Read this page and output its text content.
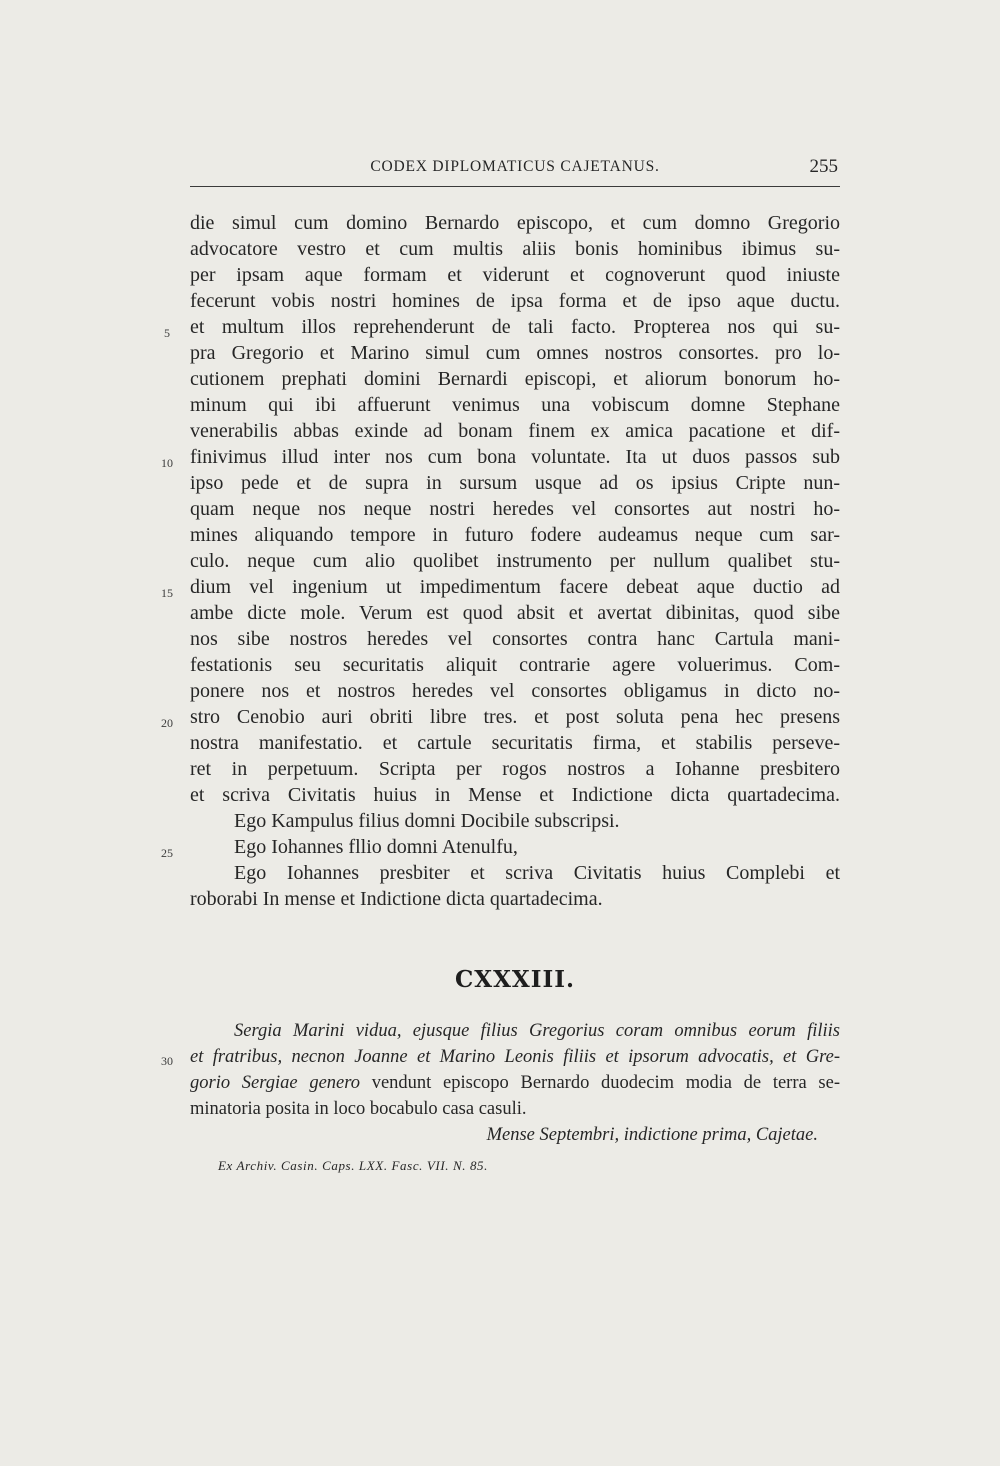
CODEX DIPLOMATICUS CAJETANUS.	255
die simul cum domino Bernardo episcopo, et cum domno Gregorio
advocatore vestro et cum multis aliis bonis hominibus ibimus su-
per ipsam aque formam et viderunt et cognoverunt quod iniuste
fecerunt vobis nostri homines de ipsa forma et de ipso aque ductu.
et multum illos reprehenderunt de tali facto. Propterea nos qui su-
pra Gregorio et Marino simul cum omnes nostros consortes. pro lo-
cutionem prephati domini Bernardi episcopi, et aliorum bonorum ho-
minum qui ibi affuerunt venimus una vobiscum domne Stephane
venerabilis abbas exinde ad bonam finem ex amica pacatione et dif-
finivimus illud inter nos cum bona voluntate. Ita ut duos passos sub
ipso pede et de supra in sursum usque ad os ipsius Cripte nun-
quam neque nos neque nostri heredes vel consortes aut nostri ho-
mines aliquando tempore in futuro fodere audeamus neque cum sar-
culo. neque cum alio quolibet instrumento per nullum qualibet stu-
dium vel ingenium ut impedimentum facere debeat aque ductio ad
ambe dicte mole. Verum est quod absit et avertat dibinitas, quod sibe
nos sibe nostros heredes vel consortes contra hanc Cartula mani-
festationis seu securitatis aliquit contrarie agere voluerimus. Com-
ponere nos et nostros heredes vel consortes obligamus in dicto no-
stro Cenobio auri obriti libre tres. et post soluta pena hec presens
nostra manifestatio. et cartule securitatis firma, et stabilis persevе-
ret in perpetuum. Scripta per rogos nostros a Iohanne presbitero
et scriva Civitatis huius in Mense et Indictione dicta quartadecima.
Ego Kampulus filius domni Docibile subscripsi.
Ego Iohannes fllio domni Atenulfu,
Ego Iohannes presbiter et scriva Civitatis huius Complebi et
roborabi In mense et Indictione dicta quartadecima.
5
10
15
20
25
30
CXXXIII.
Sergia Marini vidua, ejusque filius Gregorius coram omnibus eorum filiis
et fratribus, necnon Joanne et Marino Leonis filiis et ipsorum advocatis, et Gre-
gorio Sergiae genero vendunt episcopo Bernardo duodecim modia de terra se-
minatoria posita in loco bocabulo casa casuli.
Mense Septembri, indictione prima, Cajetae.
Ex Archiv. Casin. Caps. LXX. Fasc. VII. N. 85.
